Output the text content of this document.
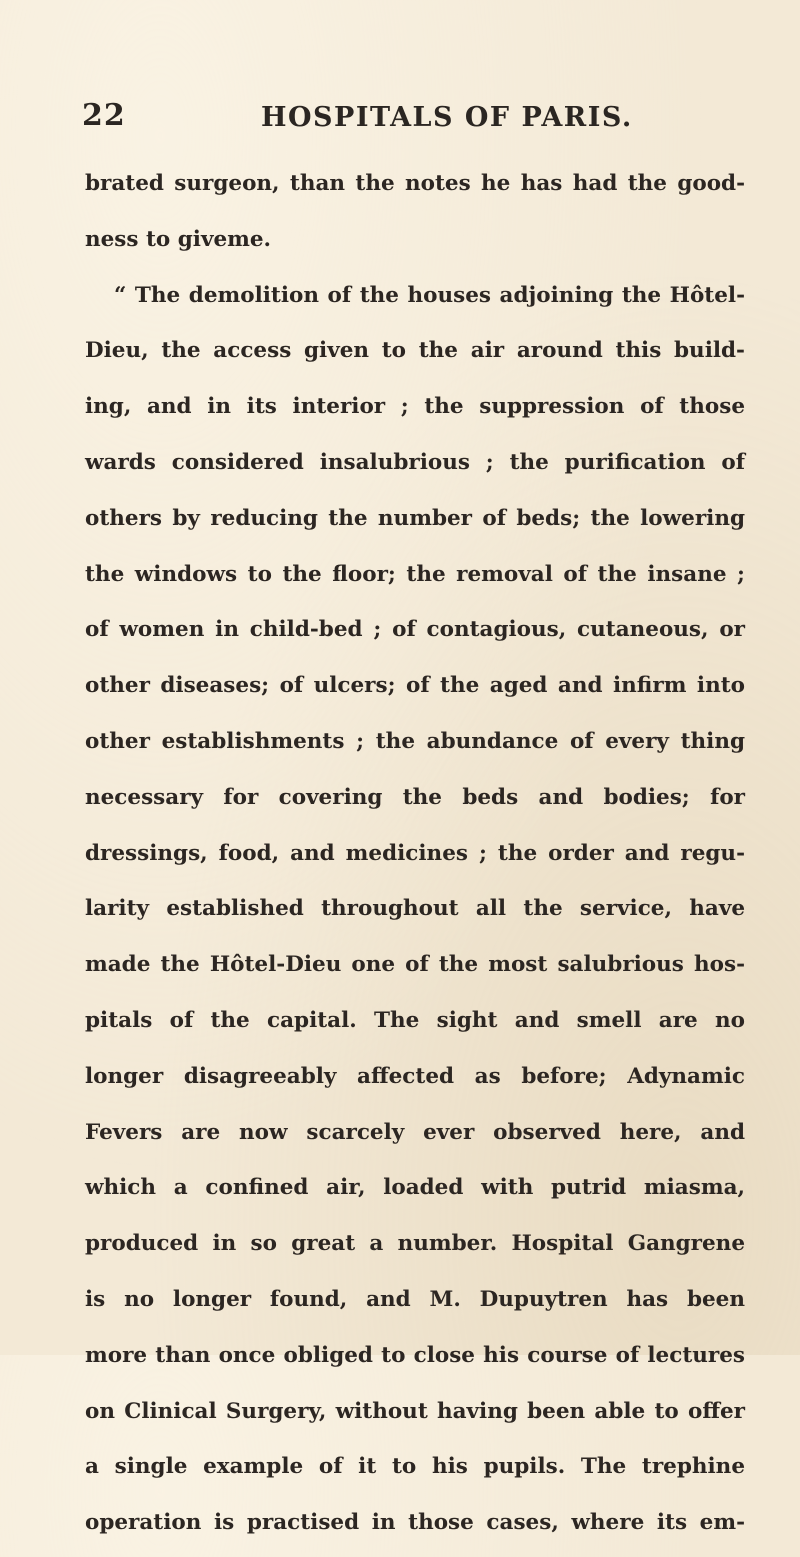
22	HOSPITALS OF PARIS.
brated surgeon, than the notes he has had the good-
ness to giveme.
“ The demolition of the houses adjoining the Hôtel-
Dieu, the access given to the air around this build-
ing, and in its interior ; the suppression of those
wards considered insalubrious ; the purification of
others by reducing the number of beds; the lowering
the windows to the floor; the removal of the insane ;
of women in child-bed ; of contagious, cutaneous, or
other diseases; of ulcers; of the aged and infirm into
other establishments ; the abundance of every thing
necessary for covering the beds and bodies; for
dressings, food, and medicines ; the order and regu-
larity established throughout all the service, have
made the Hôtel-Dieu one of the most salubrious hos-
pitals of the capital. The sight and smell are no
longer disagreeably affected as before; Adynamic
Fevers are now scarcely ever observed here, and
which a confined air, loaded with putrid miasma,
produced in so great a number. Hospital Gangrene
is no longer found, and M. Dupuytren has been
more than once obliged to close his course of lectures
on Clinical Surgery, without having been able to offer
a single example of it to his pupils. The trephine
operation is practised in those cases, where its em-
